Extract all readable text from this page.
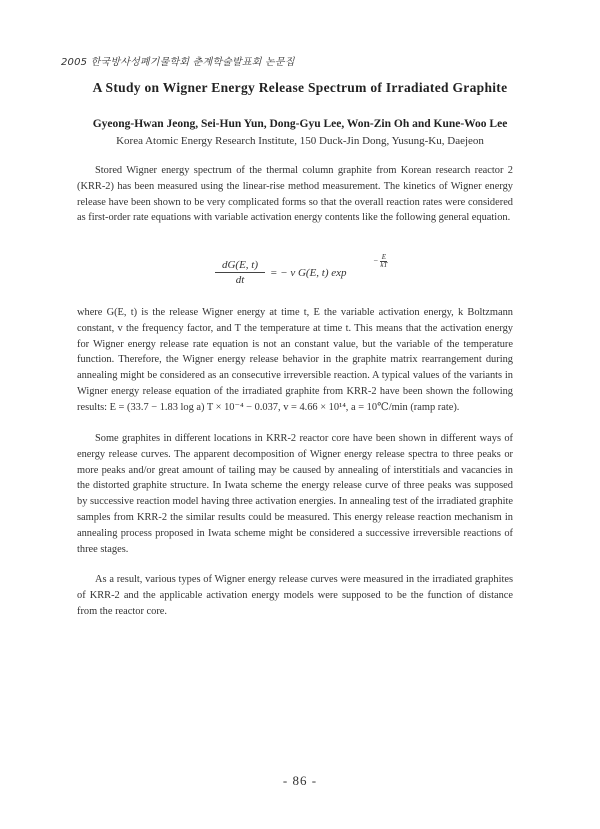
2005 한국방사성폐기물학회 춘계학술발표회 논문집
A Study on Wigner Energy Release Spectrum of Irradiated Graphite
Gyeong-Hwan Jeong, Sei-Hun Yun, Dong-Gyu Lee, Won-Zin Oh and Kune-Woo Lee
Korea Atomic Energy Research Institute, 150 Duck-Jin Dong, Yusung-Ku, Daejeon

Stored Wigner energy spectrum of the thermal column graphite from Korean research reactor 2 (KRR-2) has been measured using the linear-rise method measurement. The kinetics of Wigner energy release have been shown to be very complicated forms so that the overall reaction rates were considered as first-order rate equations with variable activation energy contents like the following general equation.

$\frac{dG(E, t)}{dt}$ = − v G(E, t) exp
− $\frac{E}{kT}$

where G(E, t) is the release Wigner energy at time t, E the variable activation energy, k Boltzmann constant, v the frequency factor, and T the temperature at time t. This means that the activation energy for Wigner energy release rate equation is not an constant value, but the variable of the temperature function. Therefore, the Wigner energy release behavior in the graphite matrix rearrangement during annealing might be considered as an consecutive irreversible reaction. A typical values of the variants in Wigner energy release equation of the irradiated graphite from KRR-2 have been shown the following results: E = (33.7 − 1.83 log a) T × 10⁻⁴ − 0.037, v = 4.66 × 10¹⁴, a = 10℃/min (ramp rate).

Some graphites in different locations in KRR-2 reactor core have been shown in different ways of energy release curves. The apparent decomposition of Wigner energy release spectra to three peaks or more peaks and/or great amount of tailing may be caused by annealing of interstitials and vacancies in the distorted graphite structure. In Iwata scheme the energy release curve of three peaks was supposed by successive reaction model having three activation energies. In annealing test of the irradiated graphite samples from KRR-2 the similar results could be measured. This energy release reaction mechanism in annealing process proposed in Iwata scheme might be considered a successive irreversible reactions of three stages.

As a result, various types of Wigner energy release curves were measured in the irradiated graphites of KRR-2 and the applicable activation energy models were supposed to be the function of distance from the reactor core.

- 86 -
